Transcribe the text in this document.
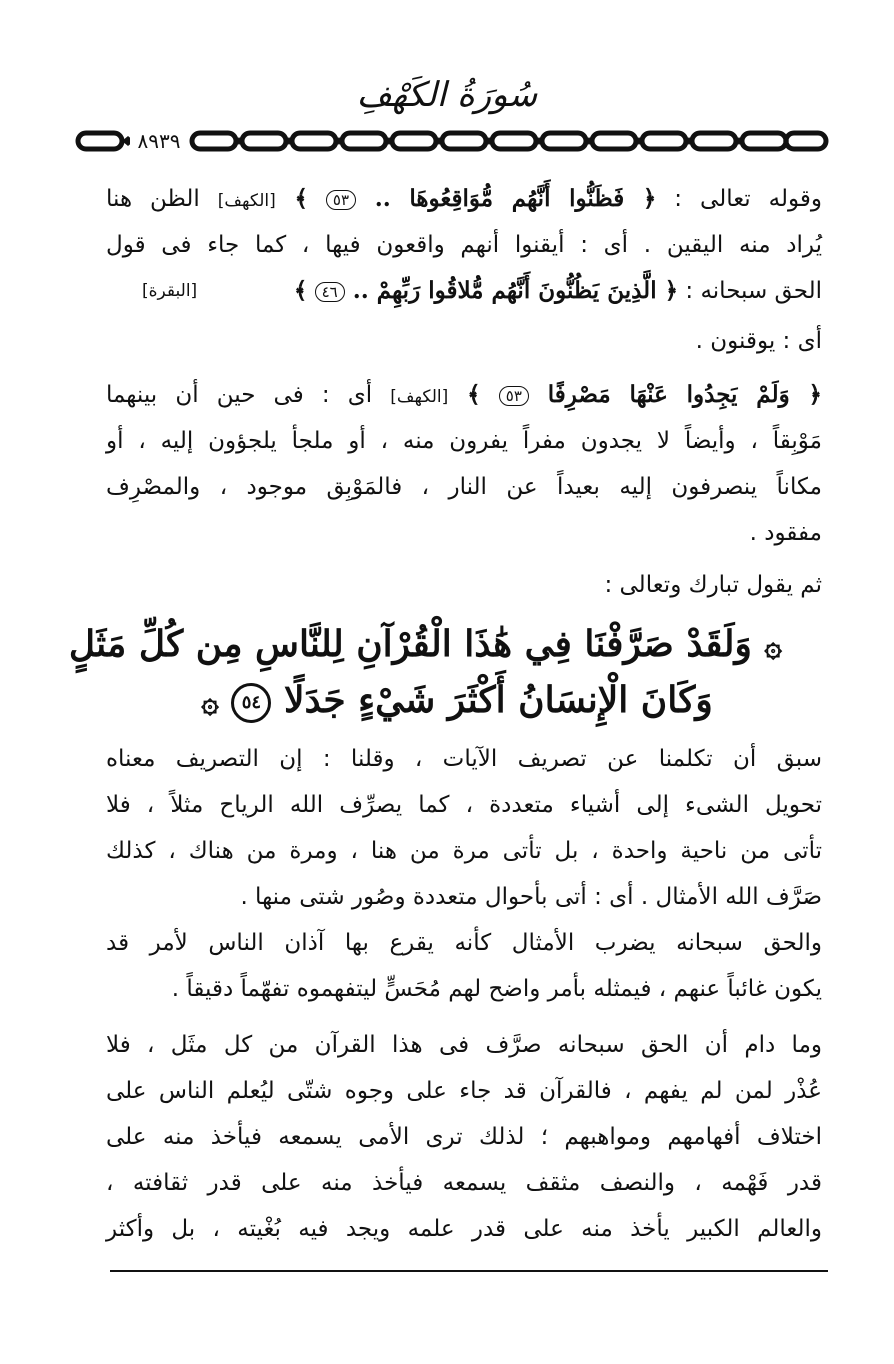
سُورَةُ الكَهْفِ
٨٩٣٩
وقوله تعالى : ﴿ فَظَنُّوا أَنَّهُم مُّوَاقِعُوهَا .. ٥٣ ﴾ [الكهف] الظن هنا
يُراد منه اليقين . أى : أيقنوا أنهم واقعون فيها ، كما جاء فى قول
الحق سبحانه : ﴿ الَّذِينَ يَظُنُّونَ أَنَّهُم مُّلاقُوا رَبِّهِمْ .. ٤٦ ﴾
[البقرة]
أى : يوقنون .
﴿ وَلَمْ يَجِدُوا عَنْهَا مَصْرِفًا ٥٣ ﴾ [الكهف] أى : فى حين أن بينهما
مَوْبِقاً ، وأيضاً لا يجدون مفراً يفرون منه ، أو ملجأ يلجؤون إليه ، أو
مكاناً ينصرفون إليه بعيداً عن النار ، فالمَوْبِق موجود ، والمصْرِف
مفقود .
ثم يقول تبارك وتعالى :
۞ وَلَقَدْ صَرَّفْنَا فِي هَٰذَا الْقُرْآنِ لِلنَّاسِ مِن كُلِّ مَثَلٍ
وَكَانَ الْإِنسَانُ أَكْثَرَ شَيْءٍ جَدَلًا ٥٤ ۞
سبق أن تكلمنا عن تصريف الآيات ، وقلنا : إن التصريف معناه
تحويل الشىء إلى أشياء متعددة ، كما يصرِّف الله الرياح مثلاً ، فلا
تأتى من ناحية واحدة ، بل تأتى مرة من هنا ، ومرة من هناك ، كذلك
صَرَّف الله الأمثال . أى : أتى بأحوال متعددة وصُور شتى منها .
والحق سبحانه يضرب الأمثال كأنه يقرع بها آذان الناس لأمر قد
يكون غائباً عنهم ، فيمثله بأمر واضح لهم مُحَسٍّ ليتفهموه تفهّماً دقيقاً .
وما دام أن الحق سبحانه صرَّف فى هذا القرآن من كل مثَل ، فلا
عُذْر لمن لم يفهم ، فالقرآن قد جاء على وجوه شتّى ليُعلم الناس على
اختلاف أفهامهم ومواهبهم ؛ لذلك ترى الأمى يسمعه فيأخذ منه على
قدر فَهْمه ، والنصف مثقف يسمعه فيأخذ منه على قدر ثقافته ،
والعالم الكبير يأخذ منه على قدر علمه ويجد فيه بُغْيته ، بل وأكثر
